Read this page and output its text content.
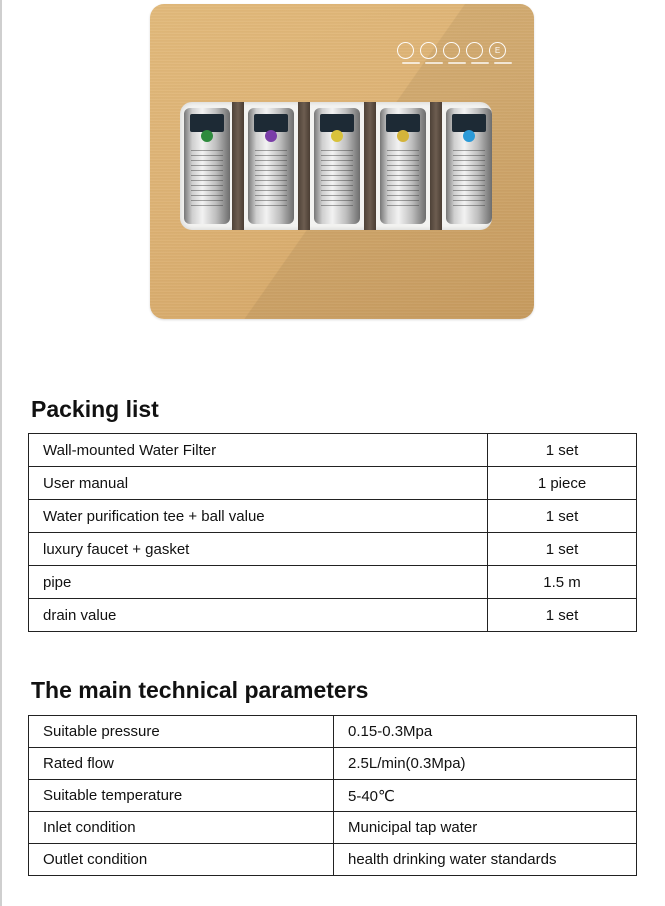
E
Packing list
Wall-mounted Water Filter	1 set
User manual	1 piece
Water purification tee + ball value	1 set
luxury faucet + gasket	1 set
pipe	1.5 m
drain value	1 set
The main technical parameters
Suitable pressure	0.15-0.3Mpa
Rated flow	2.5L/min(0.3Mpa)
Suitable temperature	5-40℃
Inlet condition	Municipal tap water
Outlet condition	health drinking water standards
